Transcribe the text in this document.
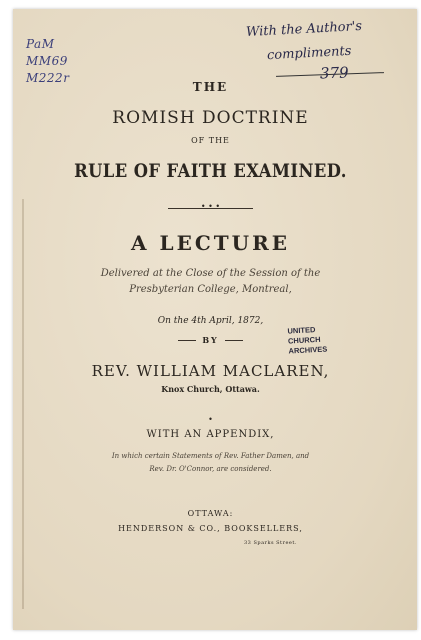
PaM
MM69
M222r
With the Author's
compliments
379
THE
ROMISH DOCTRINE
OF THE
RULE OF FAITH EXAMINED.
• • •
A LECTURE
Delivered at the Close of the Session of the
Presbyterian College, Montreal,
On the 4th April, 1872,
UNITED CHURCH
ARCHIVES
BY
REV. WILLIAM MACLAREN,
Knox Church, Ottawa.
•
WITH AN APPENDIX,
In which certain Statements of Rev. Father Damen, and
Rev. Dr. O'Connor, are considered.
OTTAWA:
HENDERSON & CO., BOOKSELLERS,
33 Sparks Street.
